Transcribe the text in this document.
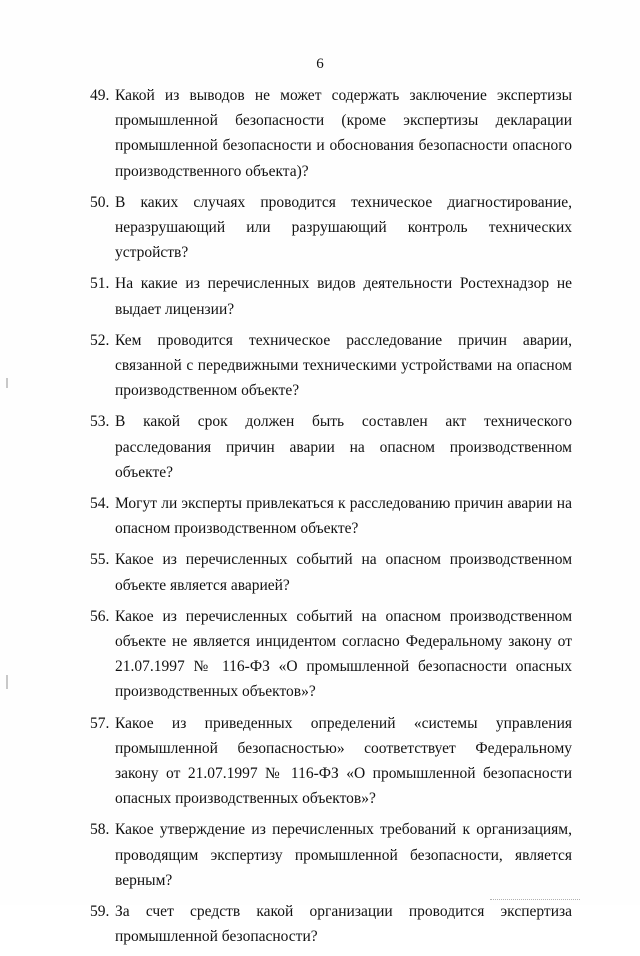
6
49. Какой из выводов не может содержать заключение экспертизы промышленной безопасности (кроме экспертизы декларации промышленной безопасности и обоснования безопасности опасного производственного объекта)?
50. В каких случаях проводится техническое диагностирование, неразрушающий или разрушающий контроль технических устройств?
51. На какие из перечисленных видов деятельности Ростехнадзор не выдает лицензии?
52. Кем проводится техническое расследование причин аварии, связанной с передвижными техническими устройствами на опасном производственном объекте?
53. В какой срок должен быть составлен акт технического расследования причин аварии на опасном производственном объекте?
54. Могут ли эксперты привлекаться к расследованию причин аварии на опасном производственном объекте?
55. Какое из перечисленных событий на опасном производственном объекте является аварией?
56. Какое из перечисленных событий на опасном производственном объекте не является инцидентом согласно Федеральному закону от 21.07.1997 № 116-ФЗ «О промышленной безопасности опасных производственных объектов»?
57. Какое из приведенных определений «системы управления промышленной безопасностью» соответствует Федеральному закону от 21.07.1997 № 116-ФЗ «О промышленной безопасности опасных производственных объектов»?
58. Какое утверждение из перечисленных требований к организациям, проводящим экспертизу промышленной безопасности, является верным?
59. За счет средств какой организации проводится экспертиза промышленной безопасности?
